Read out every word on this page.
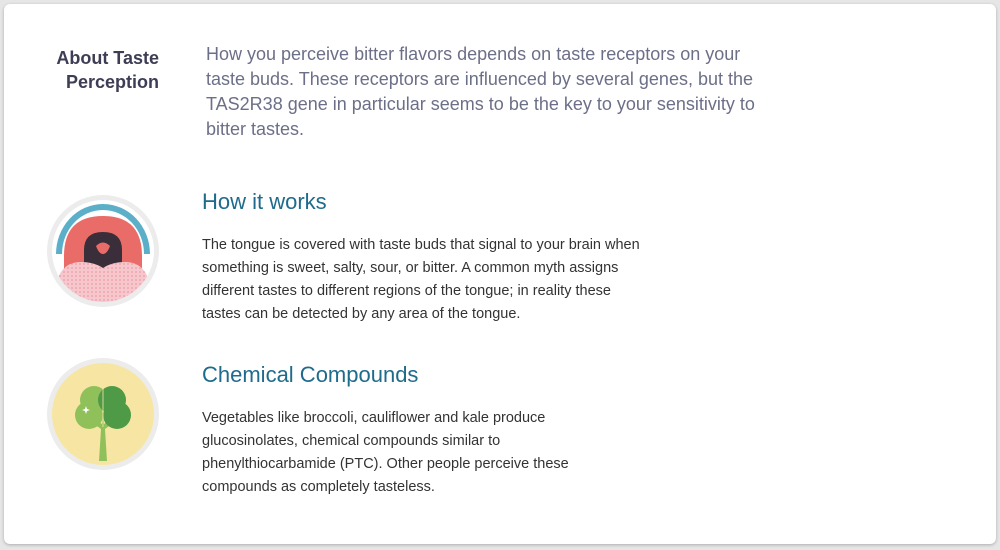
About Taste
Perception
How you perceive bitter flavors depends on taste receptors on your taste buds. These receptors are influenced by several genes, but the TAS2R38 gene in particular seems to be the key to your sensitivity to bitter tastes.
How it works
The tongue is covered with taste buds that signal to your brain when something is sweet, salty, sour, or bitter. A common myth assigns different tastes to different regions of the tongue; in reality these tastes can be detected by any area of the tongue.
Chemical Compounds
Vegetables like broccoli, cauliflower and kale produce glucosinolates, chemical compounds similar to phenylthiocarbamide (PTC). Other people perceive these compounds as completely tasteless.
